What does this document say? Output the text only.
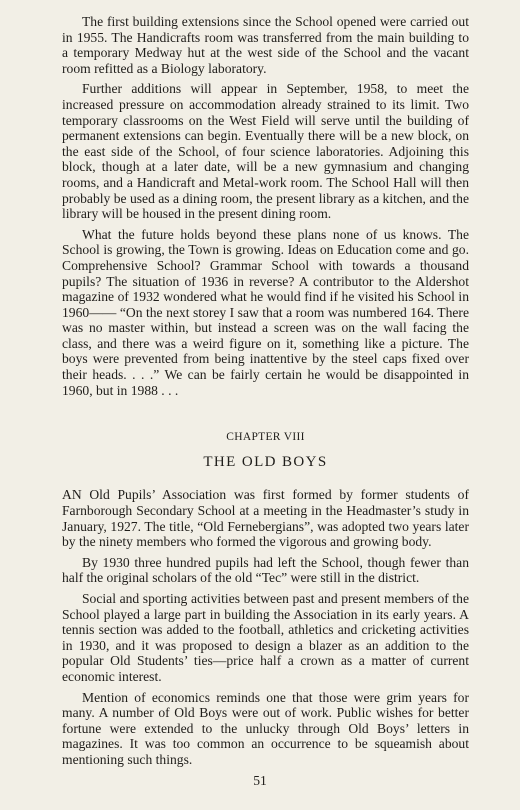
The first building extensions since the School opened were carried out in 1955. The Handicrafts room was transferred from the main building to a temporary Medway hut at the west side of the School and the vacant room refitted as a Biology laboratory.

Further additions will appear in September, 1958, to meet the increased pressure on accommodation already strained to its limit. Two temporary classrooms on the West Field will serve until the building of permanent extensions can begin. Eventually there will be a new block, on the east side of the School, of four science laboratories. Adjoining this block, though at a later date, will be a new gymnasium and changing rooms, and a Handicraft and Metal-work room. The School Hall will then probably be used as a dining room, the present library as a kitchen, and the library will be housed in the present dining room.

What the future holds beyond these plans none of us knows. The School is growing, the Town is growing. Ideas on Education come and go. Comprehensive School? Grammar School with towards a thousand pupils? The situation of 1936 in reverse? A contributor to the Aldershot magazine of 1932 wondered what he would find if he visited his School in 1960—— “On the next storey I saw that a room was numbered 164. There was no master within, but instead a screen was on the wall facing the class, and there was a weird figure on it, something like a picture. The boys were prevented from being inattentive by the steel caps fixed over their heads. . . .” We can be fairly certain he would be disappointed in 1960, but in 1988 . . .

CHAPTER VIII
THE OLD BOYS

AN Old Pupils’ Association was first formed by former students of Farnborough Secondary School at a meeting in the Headmaster’s study in January, 1927. The title, “Old Fernebergians”, was adopted two years later by the ninety members who formed the vigorous and growing body.

By 1930 three hundred pupils had left the School, though fewer than half the original scholars of the old “Tec” were still in the district.

Social and sporting activities between past and present members of the School played a large part in building the Association in its early years. A tennis section was added to the football, athletics and cricketing activities in 1930, and it was proposed to design a blazer as an addition to the popular Old Students’ ties—price half a crown as a matter of current economic interest.

Mention of economics reminds one that those were grim years for many. A number of Old Boys were out of work. Public wishes for better fortune were extended to the unlucky through Old Boys’ letters in magazines. It was too common an occurrence to be squeamish about mentioning such things.

51
